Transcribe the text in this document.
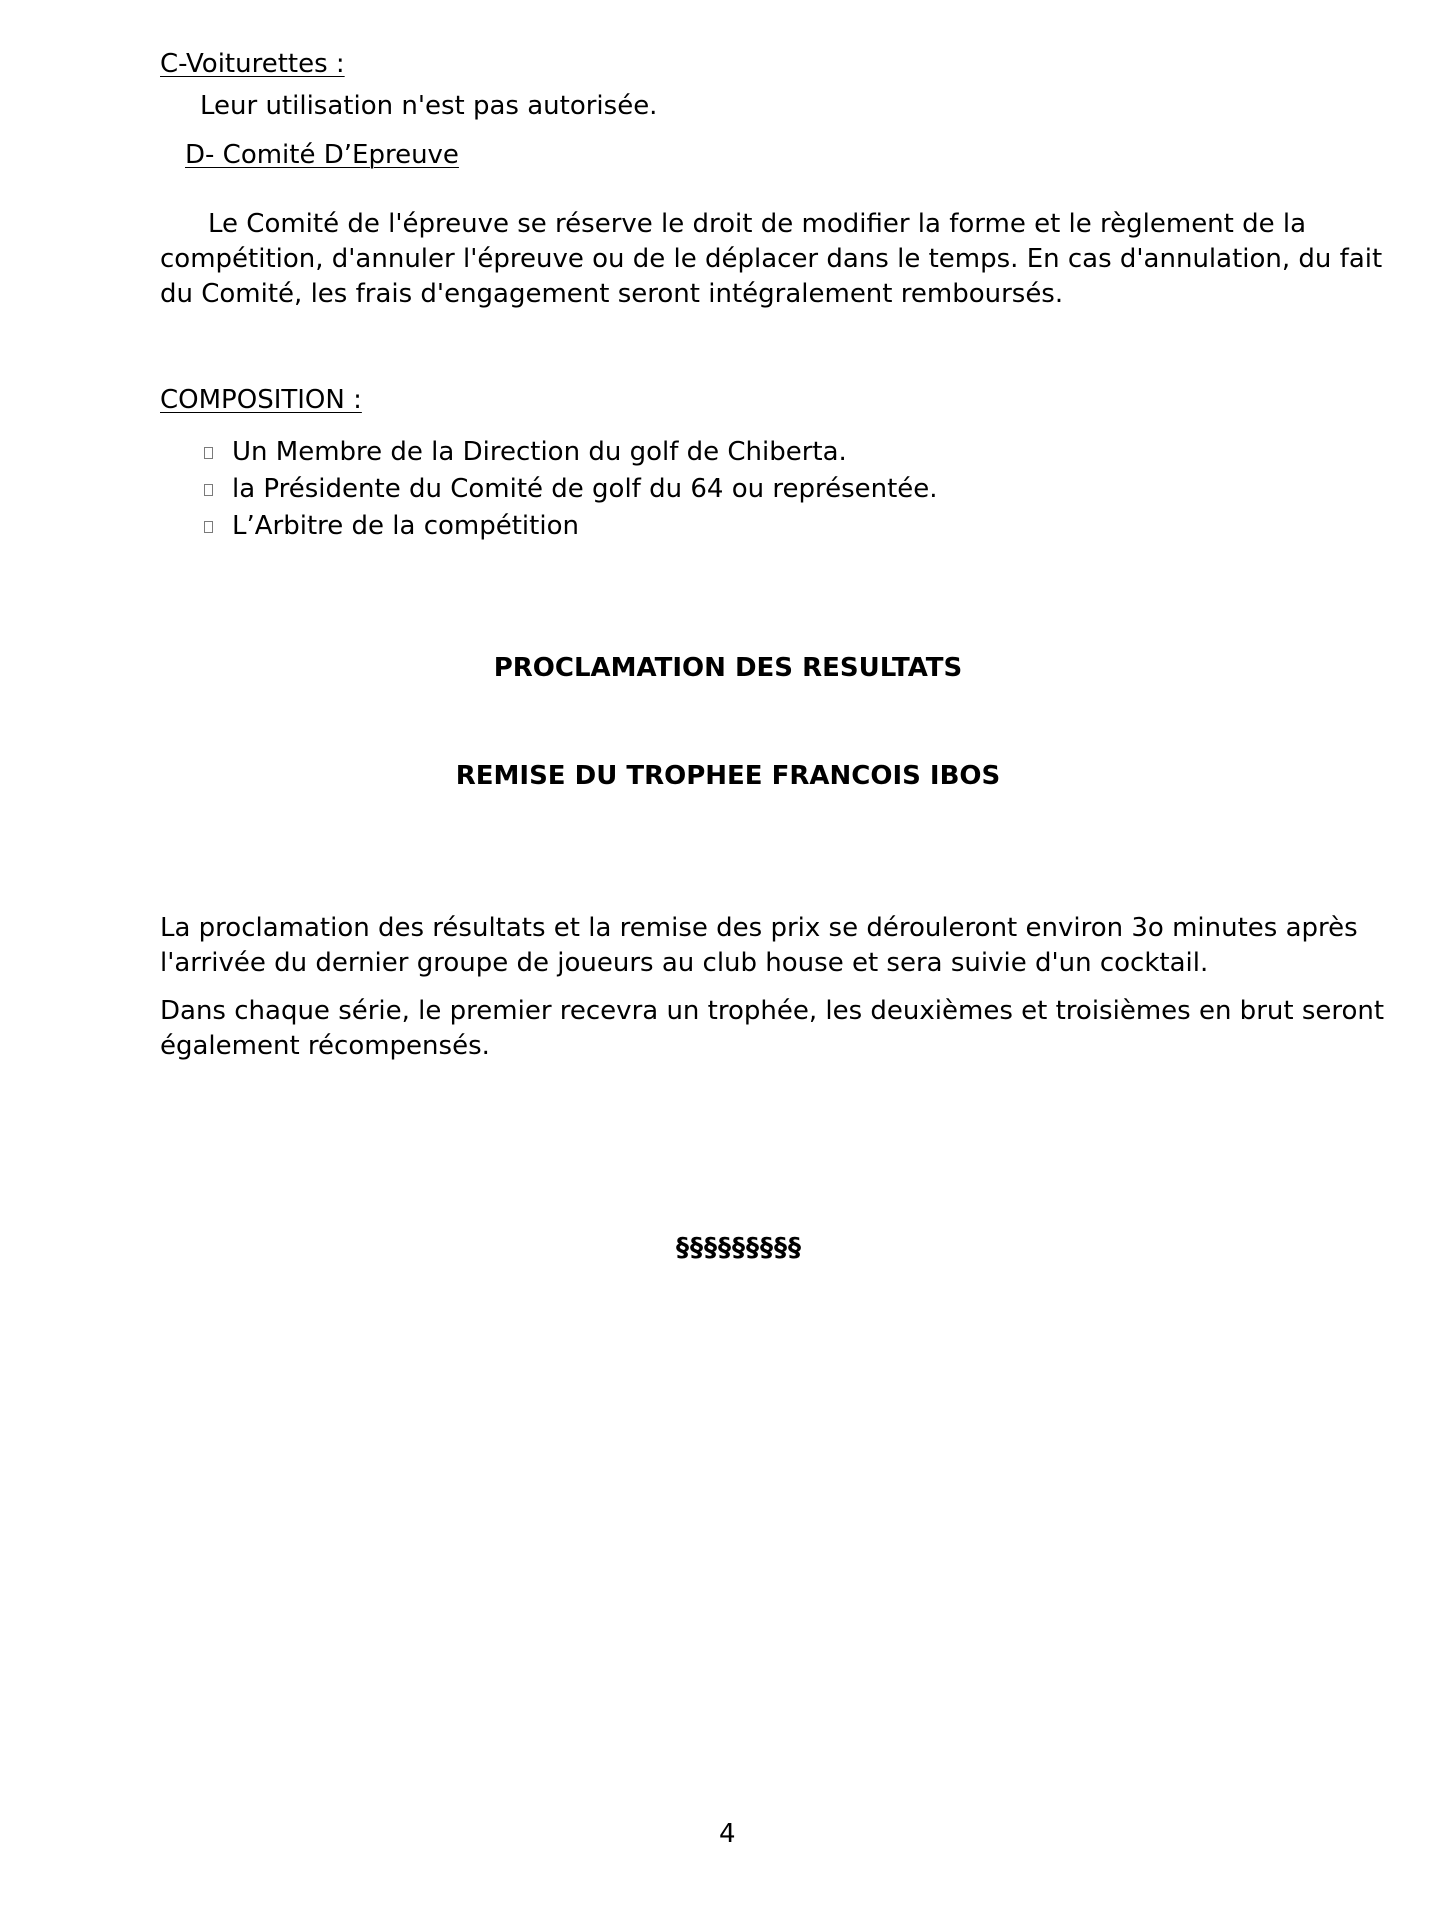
C-Voiturettes :
Leur utilisation n'est pas autorisée.
D- Comité D’Epreuve
Le Comité de l'épreuve se réserve le droit de modifier la forme et le règlement de la
compétition, d'annuler l'épreuve ou de le déplacer dans le temps. En cas d'annulation, du fait
du Comité, les frais d'engagement seront intégralement remboursés.
COMPOSITION :
Un Membre de la Direction du golf de Chiberta.
la Présidente du Comité de golf du 64 ou représentée.
L’Arbitre de la compétition
PROCLAMATION DES RESULTATS
REMISE DU TROPHEE FRANCOIS IBOS
La proclamation des résultats et la remise des prix se dérouleront environ 3o minutes après
l'arrivée du dernier groupe de joueurs au club house et sera suivie d'un cocktail.
Dans chaque série, le premier recevra un trophée, les deuxièmes et troisièmes en brut seront
également récompensés.
§§§§§§§§§
4
